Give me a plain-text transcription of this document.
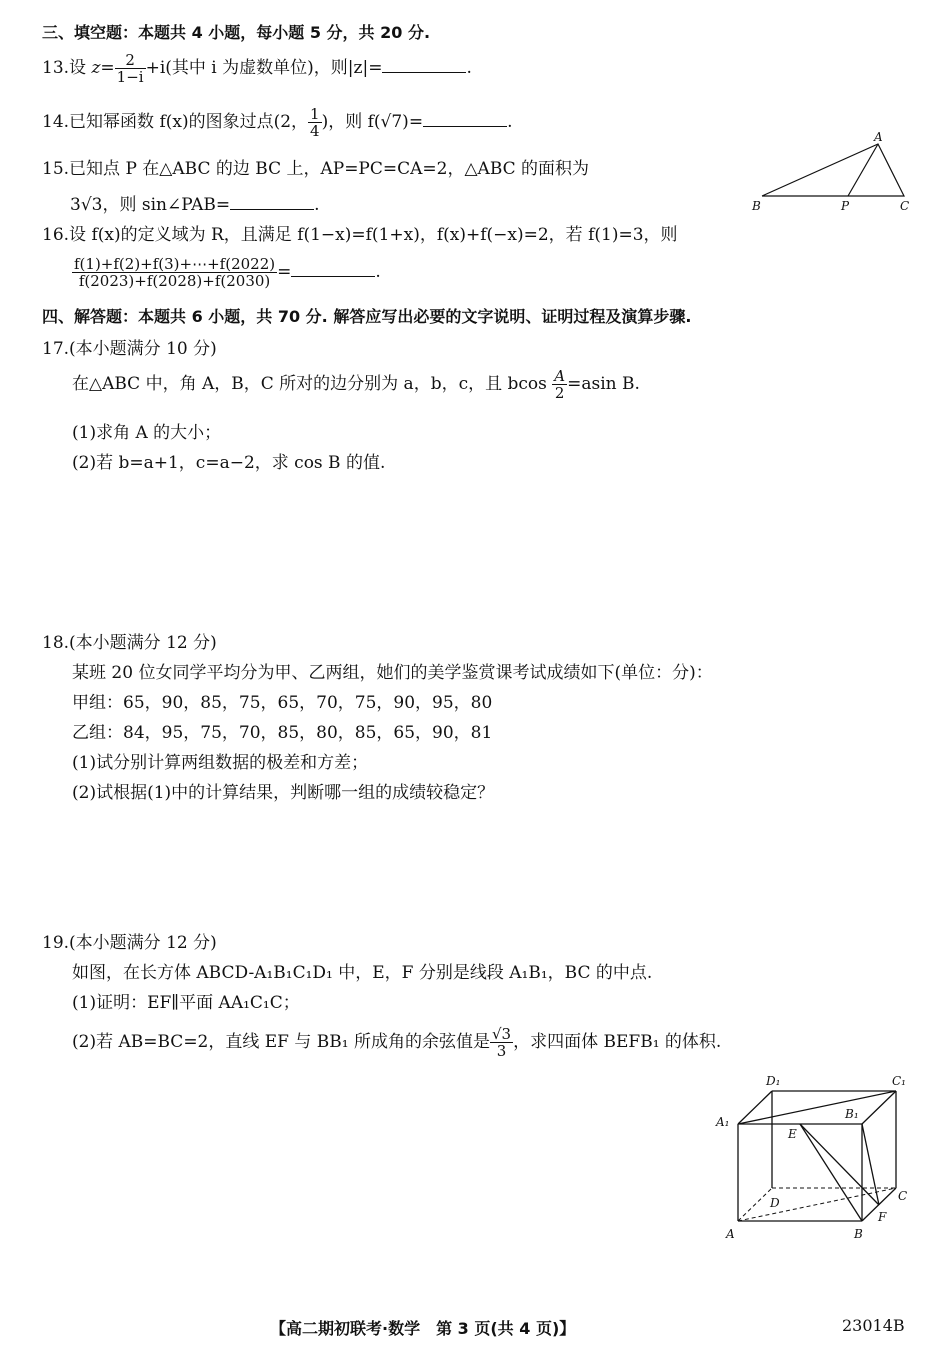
三、填空题：本题共 4 小题，每小题 5 分，共 20 分.
13.设 $z= \frac{2}{1-i} +i$(其中 i 为虚数单位)，则|z|=	.
14.已知幂函数 f(x)的图象过点(2， $\frac{1}{4}$ )，则 f(√7)=	.
15.已知点 P 在△ABC 的边 BC 上，AP=PC=CA=2，△ABC 的面积为
3√3，则 sin∠PAB=	.
A
B	P	C
16.设 f(x)的定义域为 R，且满足 f(1−x)=f(1+x)，f(x)+f(−x)=2，若 f(1)=3，则
$\frac{f(1)+f(2)+f(3)+\cdots+f(2022)}{f(2023)+f(2028)+f(2030)}$ =	.
四、解答题：本题共 6 小题，共 70 分. 解答应写出必要的文字说明、证明过程及演算步骤.
17.(本小题满分 10 分)
在△ABC 中，角 A，B，C 所对的边分别为 a，b，c，且 bcos $\frac{A}{2} =asin$ B.
(1)求角 A 的大小；
(2)若 b=a+1，c=a−2，求 cos B 的值.
18.(本小题满分 12 分)
某班 20 位女同学平均分为甲、乙两组，她们的美学鉴赏课考试成绩如下(单位：分)：
甲组：65，90，85，75，65，70，75，90，95，80
乙组：84，95，75，70，85，80，85，65，90，81
(1)试分别计算两组数据的极差和方差；
(2)试根据(1)中的计算结果，判断哪一组的成绩较稳定？
19.(本小题满分 12 分)
如图，在长方体 ABCD-A₁B₁C₁D₁ 中，E，F 分别是线段 A₁B₁，BC 的中点.
(1)证明：EF∥平面 AA₁C₁C；
(2)若 AB=BC=2，直线 EF 与 BB₁ 所成角的余弦值是 $\frac{√3}{3}$ ，求四面体 BEFB₁ 的体积.
D₁	C₁
A₁
B₁
E
D	C
F
A	B
【高二期初联考·数学　第 3 页(共 4 页)】	23014B
